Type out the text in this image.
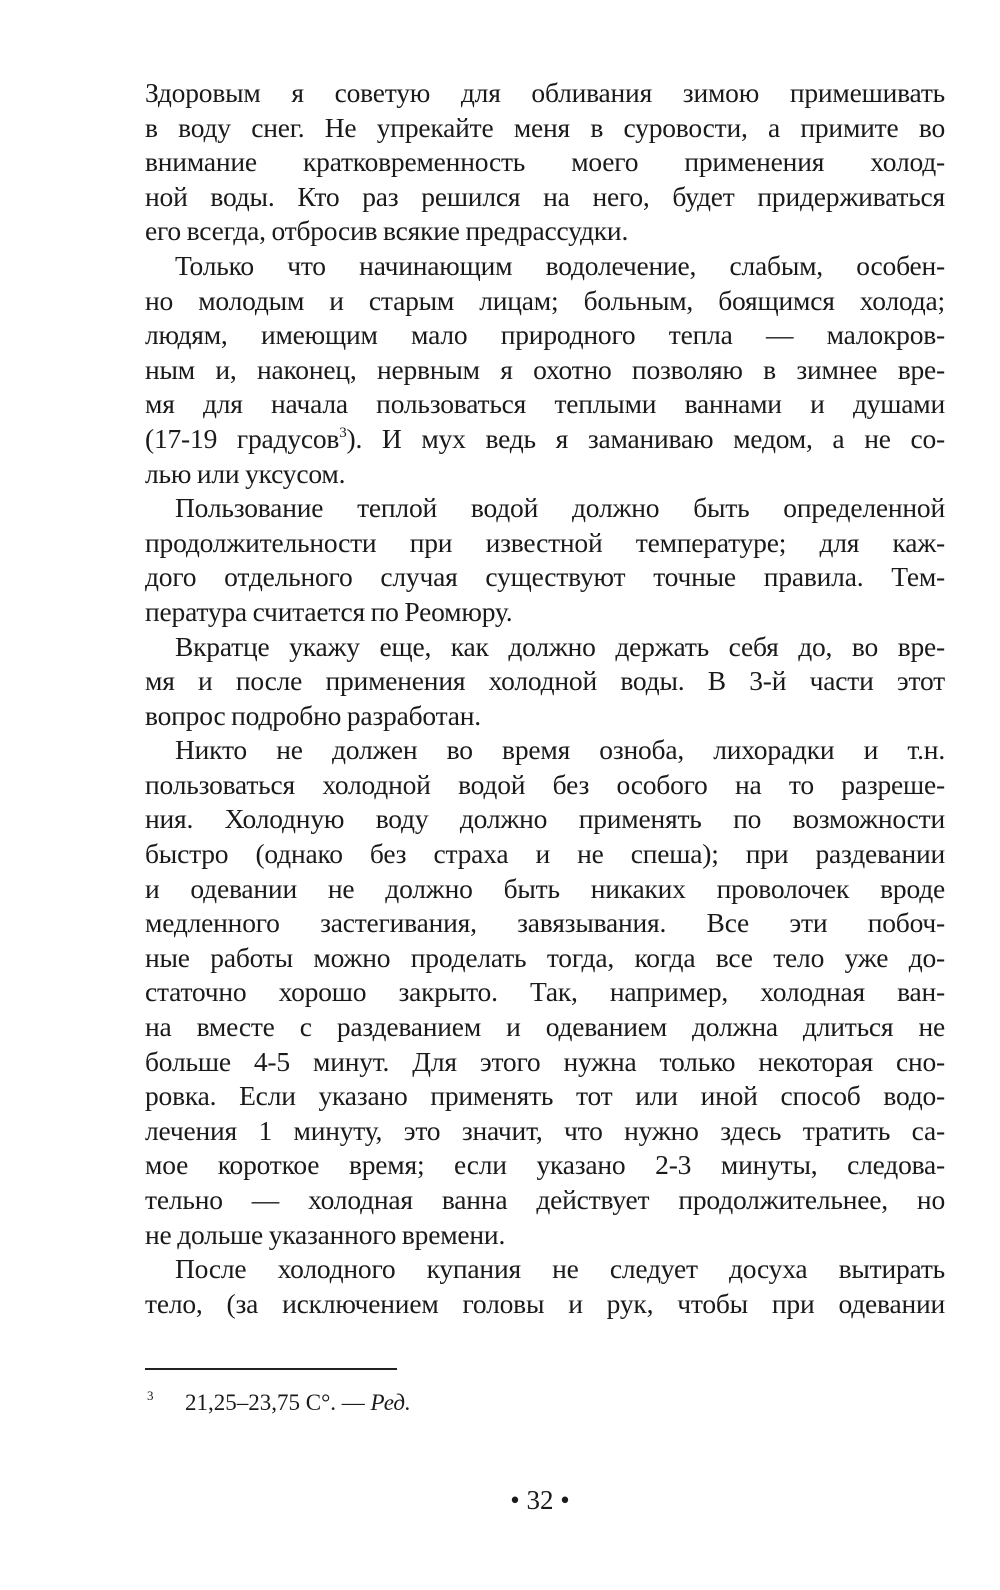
Здоровым я советую для обливания зимою примешивать
в воду снег. Не упрекайте меня в суровости, а примите во
внимание кратковременность моего применения холод-
ной воды. Кто раз решился на него, будет придерживаться
его всегда, отбросив всякие предрассудки.
Только что начинающим водолечение, слабым, особен-
но молодым и старым лицам; больным, боящимся холода;
людям, имеющим мало природного тепла — малокров-
ным и, наконец, нервным я охотно позволяю в зимнее вре-
мя для начала пользоваться теплыми ваннами и душами
(17-19 градусов$^3$). И мух ведь я заманиваю медом, а не со-
лью или уксусом.
Пользование теплой водой должно быть определенной
продолжительности при известной температуре; для каж-
дого отдельного случая существуют точные правила. Тем-
пература считается по Реомюру.
Вкратце укажу еще, как должно держать себя до, во вре-
мя и после применения холодной воды. В 3-й части этот
вопрос подробно разработан.
Никто не должен во время озноба, лихорадки и т.н.
пользоваться холодной водой без особого на то разреше-
ния. Холодную воду должно применять по возможности
быстро (однако без страха и не спеша); при раздевании
и одевании не должно быть никаких проволочек вроде
медленного застегивания, завязывания. Все эти побоч-
ные работы можно проделать тогда, когда все тело уже до-
статочно хорошо закрыто. Так, например, холодная ван-
на вместе с раздеванием и одеванием должна длиться не
больше 4-5 минут. Для этого нужна только некоторая сно-
ровка. Если указано применять тот или иной способ водо-
лечения 1 минуту, это значит, что нужно здесь тратить са-
мое короткое время; если указано 2-3 минуты, следова-
тельно — холодная ванна действует продолжительнее, но
не дольше указанного времени.
После холодного купания не следует досуха вытирать
тело, (за исключением головы и рук, чтобы при одевании
3 21,25–23,75 С°. — Ред.
• 32 •
